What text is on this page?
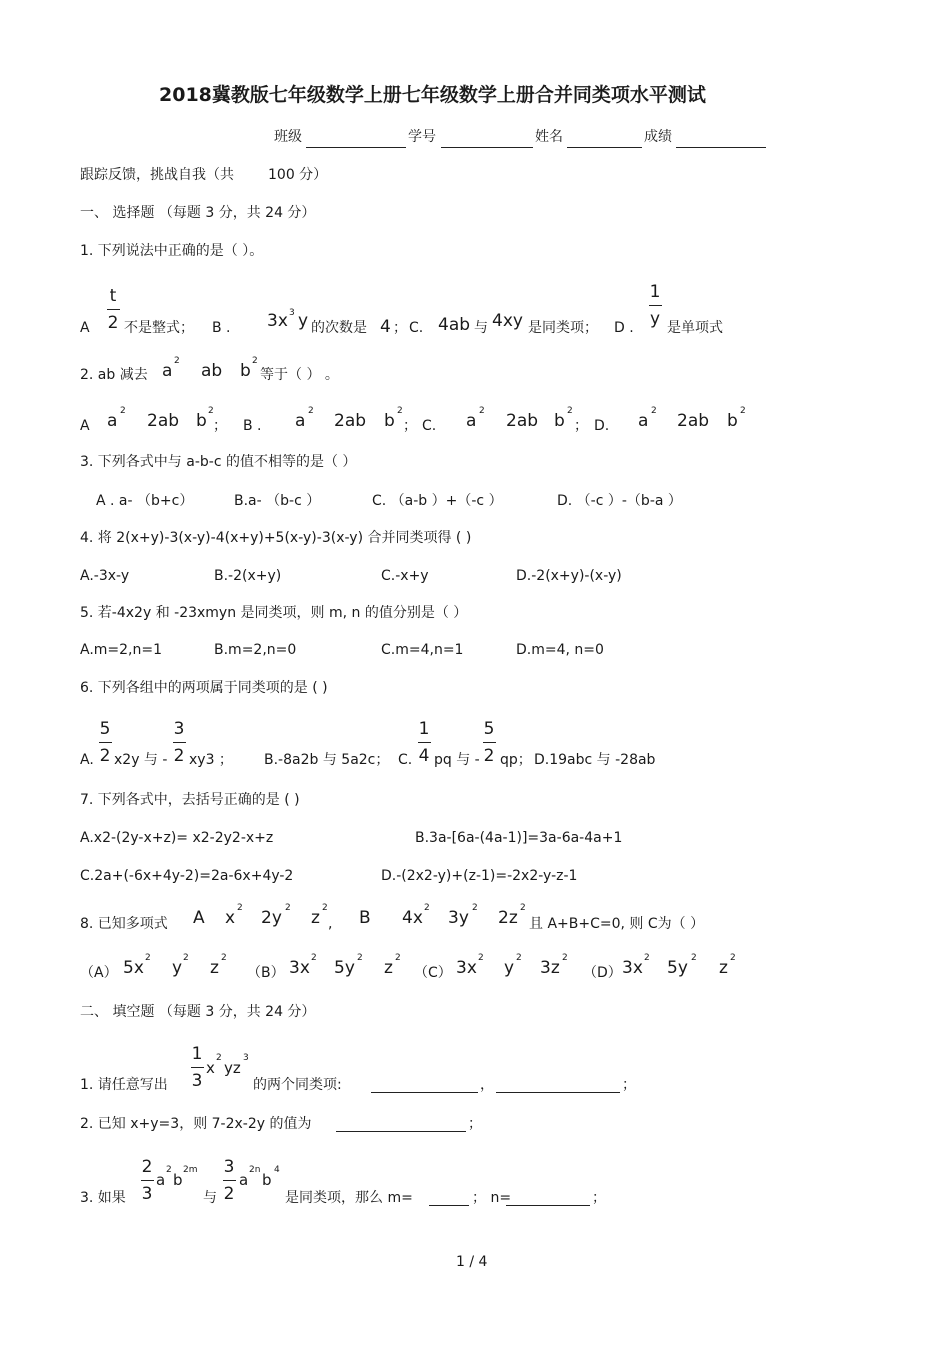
2018冀教版七年级数学上册七年级数学上册合并同类项水平测试
班级	学号	姓名	成绩
跟踪反馈，挑战自我（共 100 分）
一、 选择题 （每题 3 分，共 24 分）
1. 下列说法中正确的是（ ）。
A
t
2 不是整式； B . 3x 3 y 的次数是 4 ； C. 4ab 与 4xy 是同类项； D .
1
y 是单项式
2. ab 减去 a 2 ab b 2
等于（ ） 。
A a 2 2ab b 2
； B . a 2 2ab b 2
； C. a 2 2ab b 2
； D. a 2 2ab b 2
3. 下列各式中与 a-b-c 的值不相等的是（ ）
A . a- （b+c）	B.a- （b-c ）	C. （a-b ）+（-c ）	D. （-c ）-（b-a ）
4. 将 2(x+y)-3(x-y)-4(x+y)+5(x-y)-3(x-y) 合并同类项得 ( )
A.-3x-y	B.-2(x+y)	C.-x+y	D.-2(x+y)-(x-y)
5. 若-4x2y 和 -23xmyn 是同类项，则 m, n 的值分别是（ ）
A.m=2,n=1	B.m=2,n=0	C.m=4,n=1	D.m=4, n=0
6. 下列各组中的两项属于同类项的是 ( )
A.
5
2 x2y 与 -
3
2 xy3 ； B.-8a2b 与 5a2c； C.
1
4 pq 与 -
5
2 qp； D.19abc 与 -28ab
7. 下列各式中，去括号正确的是 ( )
A.x2-(2y-x+z)= x2-2y2-x+z	B.3a-[6a-(4a-1)]=3a-6a-4a+1
C.2a+(-6x+4y-2)=2a-6x+4y-2	D.-(2x2-y)+(z-1)=-2x2-y-z-1
8. 已知多项式 A x 2 2y 2 z 2
, B 4x 2 3y 2 2z 2
且 A+B+C=0, 则 C为（ ）
（A） 5x 2 y 2 z 2
（B） 3x 2 5y 2 z 2
（C） 3x 2 y 2 3z 2
（D） 3x 2 5y 2 z 2
二、 填空题 （每题 3 分，共 24 分）
1. 请任意写出
1
3
x
2
yz
3
的两个同类项:	，	；
2. 已知 x+y=3，则 7-2x-2y 的值为	；
3. 如果
2
3
a
2
b
2m
与
3
2
a
2n
b
4
是同类项，那么 m=	； n=	；
1 / 4
